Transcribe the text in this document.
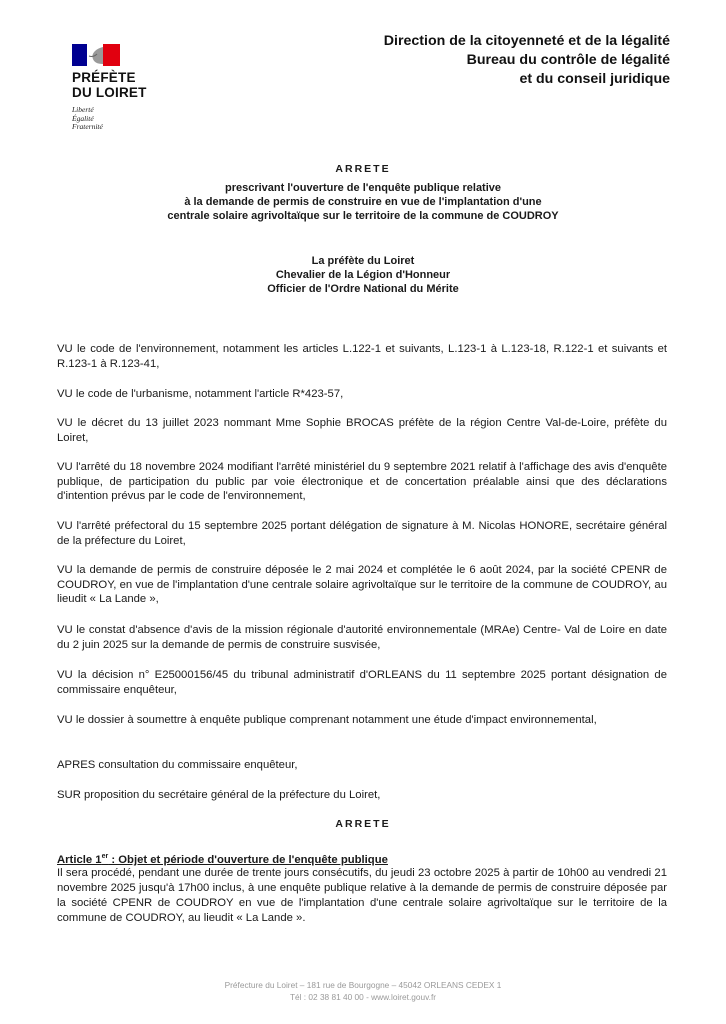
PRÉFÈTE
DU LOIRET
Liberté
Égalité
Fraternité
Direction de la citoyenneté et de la légalité
Bureau du contrôle de légalité
et du conseil juridique
ARRETE
prescrivant l'ouverture de l'enquête publique relative
à la demande de permis de construire en vue de l'implantation d'une
centrale solaire agrivoltaïque sur le territoire de la commune de COUDROY
La préfète du Loiret
Chevalier de la Légion d'Honneur
Officier de l'Ordre National du Mérite

VU le code de l'environnement, notamment les articles L.122-1 et suivants, L.123-1 à L.123-18, R.122-1 et suivants et R.123-1 à R.123-41,

VU le code de l'urbanisme, notamment l'article R*423-57,

VU le décret du 13 juillet 2023 nommant Mme Sophie BROCAS préfète de la région Centre Val-de-Loire, préfète du Loiret,

VU l'arrêté du 18 novembre 2024 modifiant l'arrêté ministériel du 9 septembre 2021 relatif à l'affichage des avis d'enquête publique, de participation du public par voie électronique et de concertation préalable ainsi que des déclarations d'intention prévus par le code de l'environnement,

VU l'arrêté préfectoral du 15 septembre 2025 portant délégation de signature à M. Nicolas HONORE, secrétaire général de la préfecture du Loiret,

VU la demande de permis de construire déposée le 2 mai 2024 et complétée le 6 août 2024, par la société CPENR de COUDROY, en vue de l'implantation d'une centrale solaire agrivoltaïque sur le territoire de la commune de COUDROY, au lieudit « La Lande »,

VU le constat d'absence d'avis de la mission régionale d'autorité environnementale (MRAe) Centre- Val de Loire en date du 2 juin 2025 sur la demande de permis de construire susvisée,

VU la décision n° E25000156/45 du tribunal administratif d'ORLEANS du 11 septembre 2025 portant désignation de commissaire enquêteur,

VU le dossier à soumettre à enquête publique comprenant notamment une étude d'impact environnemental,

APRES consultation du commissaire enquêteur,

SUR proposition du secrétaire général de la préfecture du Loiret,

ARRETE
Article 1er : Objet et période d'ouverture de l'enquête publique

Il sera procédé, pendant une durée de trente jours consécutifs, du jeudi 23 octobre 2025 à partir de 10h00 au vendredi 21 novembre 2025 jusqu'à 17h00 inclus, à une enquête publique relative à la demande de permis de construire déposée par la société CPENR de COUDROY en vue de l'implantation d'une centrale solaire agrivoltaïque sur le territoire de la commune de COUDROY, au lieudit « La Lande ».

Préfecture du Loiret – 181 rue de Bourgogne – 45042 ORLEANS CEDEX 1
Tél : 02 38 81 40 00 - www.loiret.gouv.fr
